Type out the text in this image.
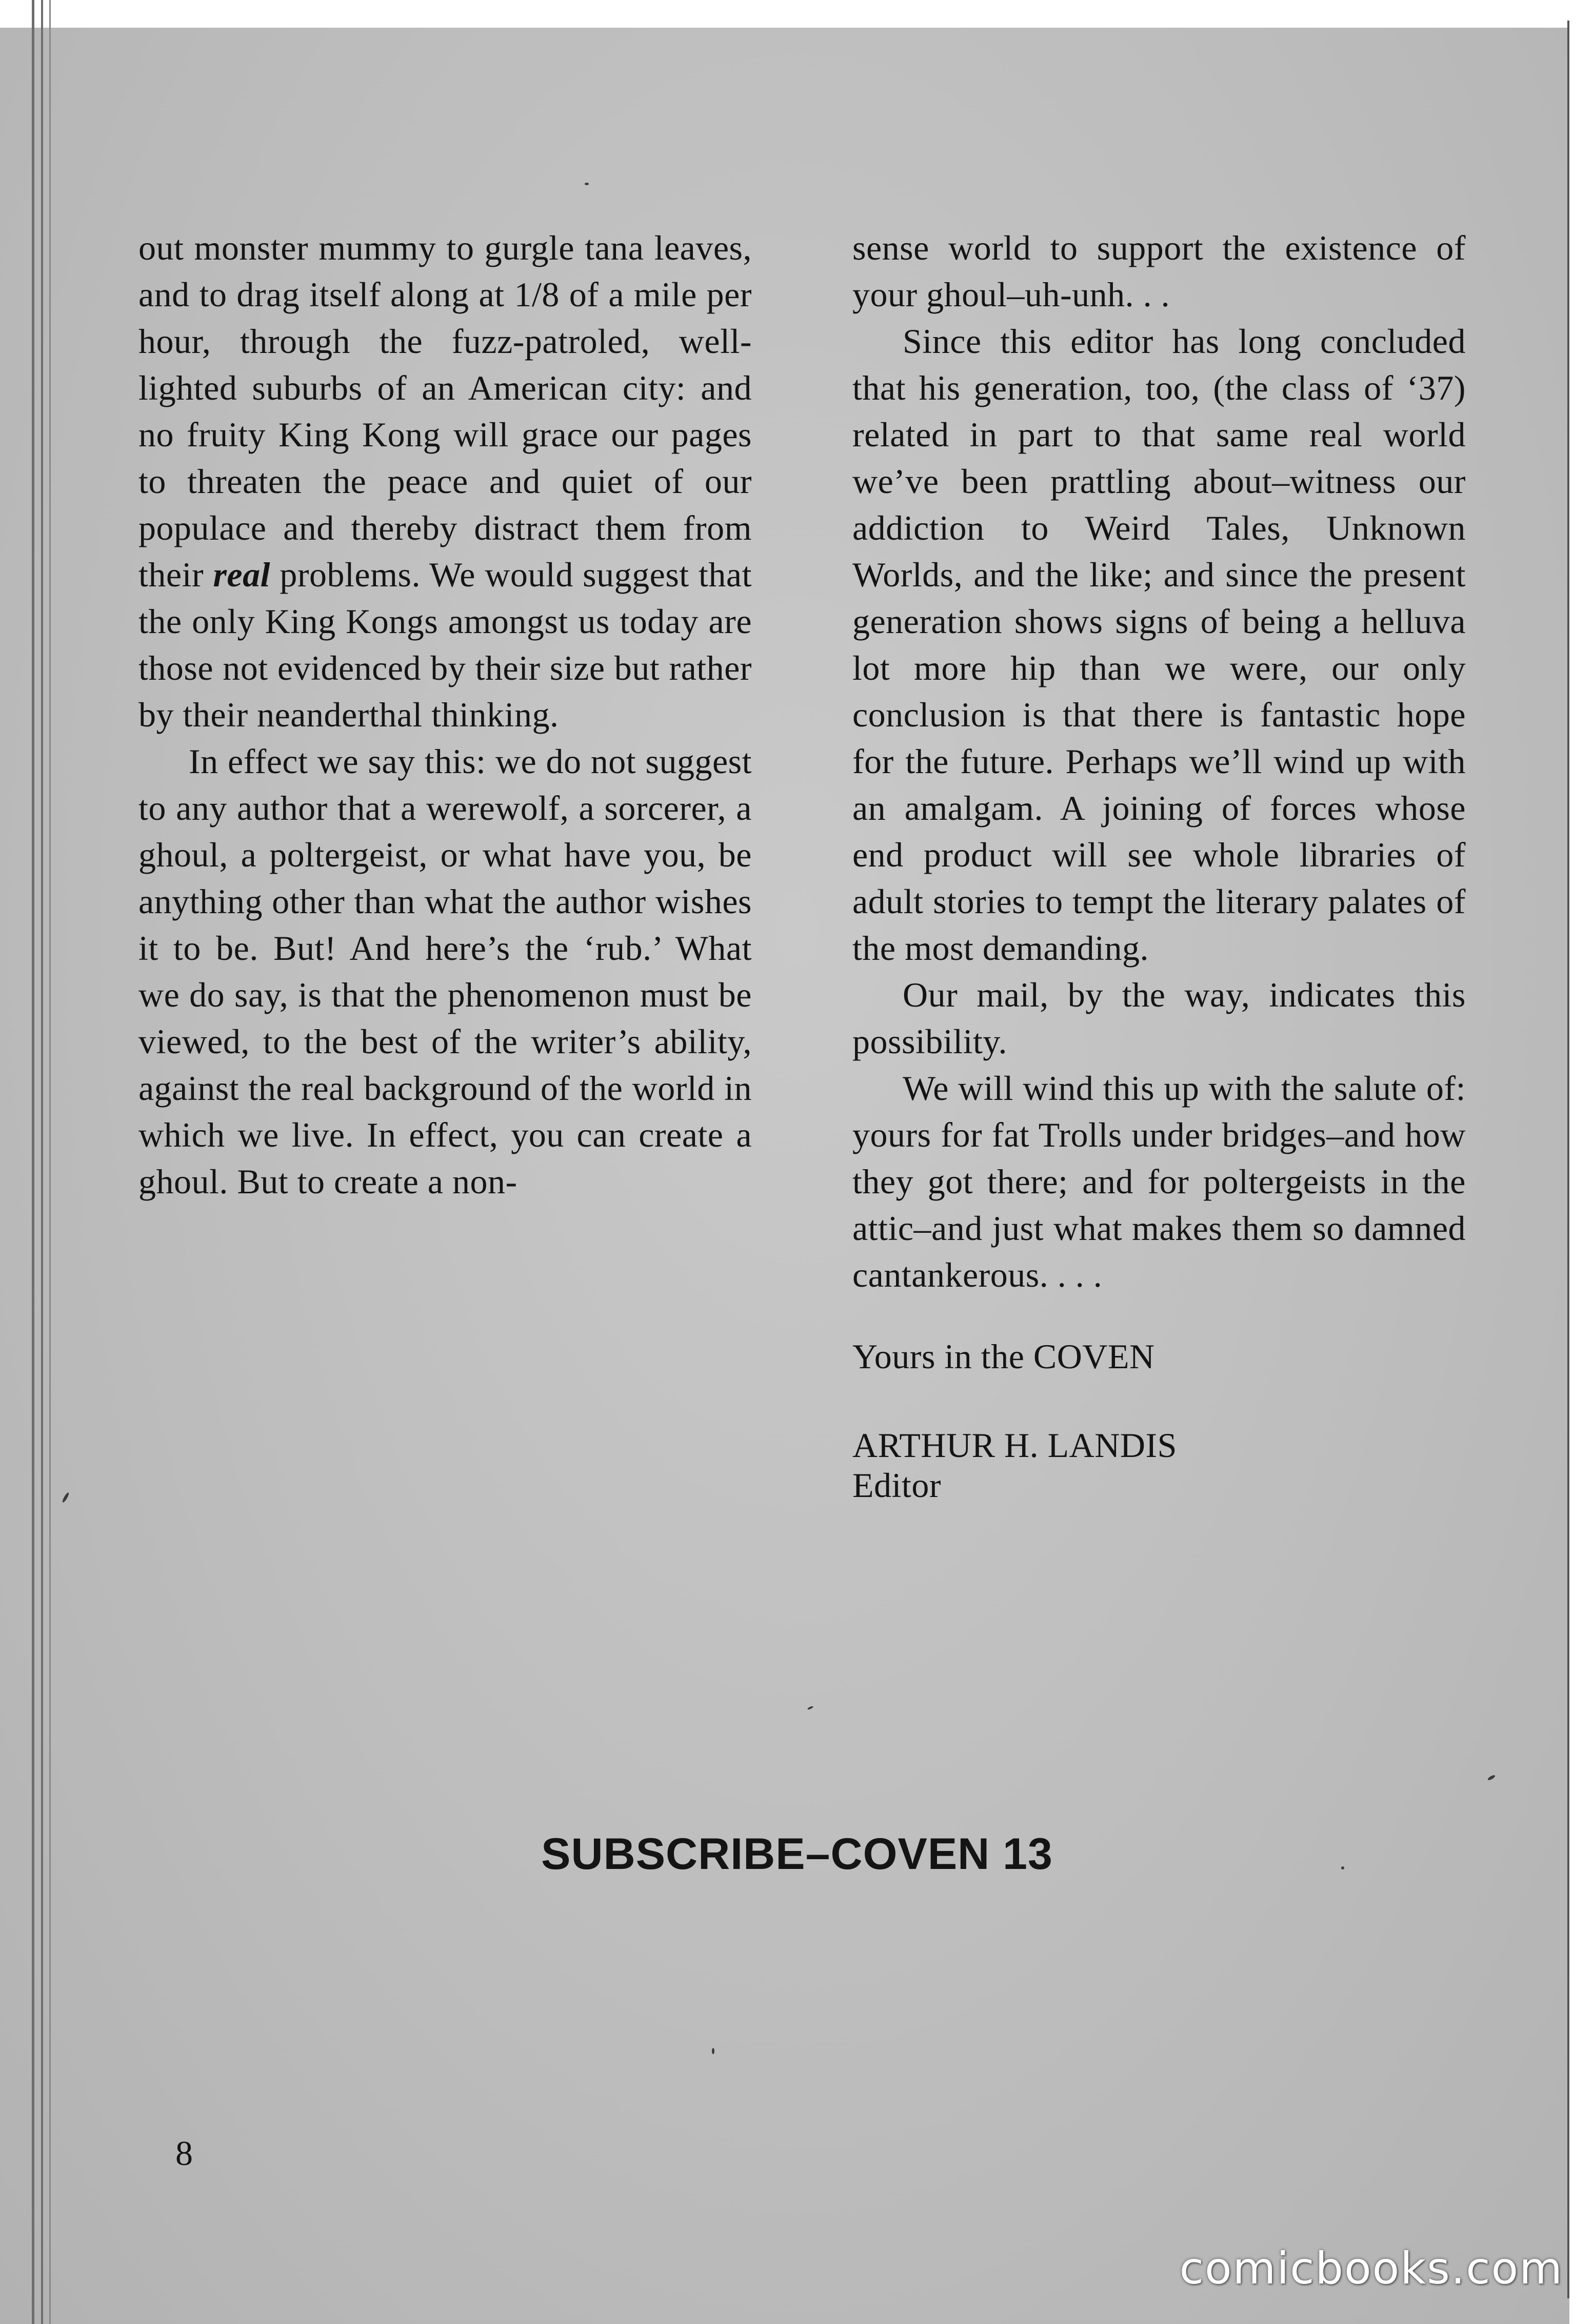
out monster mummy to gurgle tana leaves, and to drag itself along at 1/8 of a mile per hour, through the fuzz-patroled, well-lighted suburbs of an American city: and no fruity King Kong will grace our pages to threaten the peace and quiet of our populace and thereby distract them from their real problems. We would suggest that the only King Kongs amongst us today are those not evidenced by their size but rather by their neanderthal thinking.

In effect we say this: we do not suggest to any author that a werewolf, a sorcerer, a ghoul, a poltergeist, or what have you, be anything other than what the author wishes it to be. But! And here’s the ‘rub.’ What we do say, is that the phenomenon must be viewed, to the best of the writer’s ability, against the real background of the world in which we live. In effect, you can create a ghoul. But to create a non-

sense world to support the existence of your ghoul–uh-unh. . .

Since this editor has long concluded that his generation, too, (the class of ‘37) related in part to that same real world we’ve been prattling about–witness our addiction to Weird Tales, Unknown Worlds, and the like; and since the present generation shows signs of being a helluva lot more hip than we were, our only conclusion is that there is fantastic hope for the future. Perhaps we’ll wind up with an amalgam. A joining of forces whose end product will see whole libraries of adult stories to tempt the literary palates of the most demanding.

Our mail, by the way, indicates this possibility.

We will wind this up with the salute of: yours for fat Trolls under bridges–and how they got there; and for poltergeists in the attic–and just what makes them so damned cantankerous. . . .

Yours in the COVEN

ARTHUR H. LANDIS

Editor

SUBSCRIBE–COVEN 13
8
comicbooks.com
